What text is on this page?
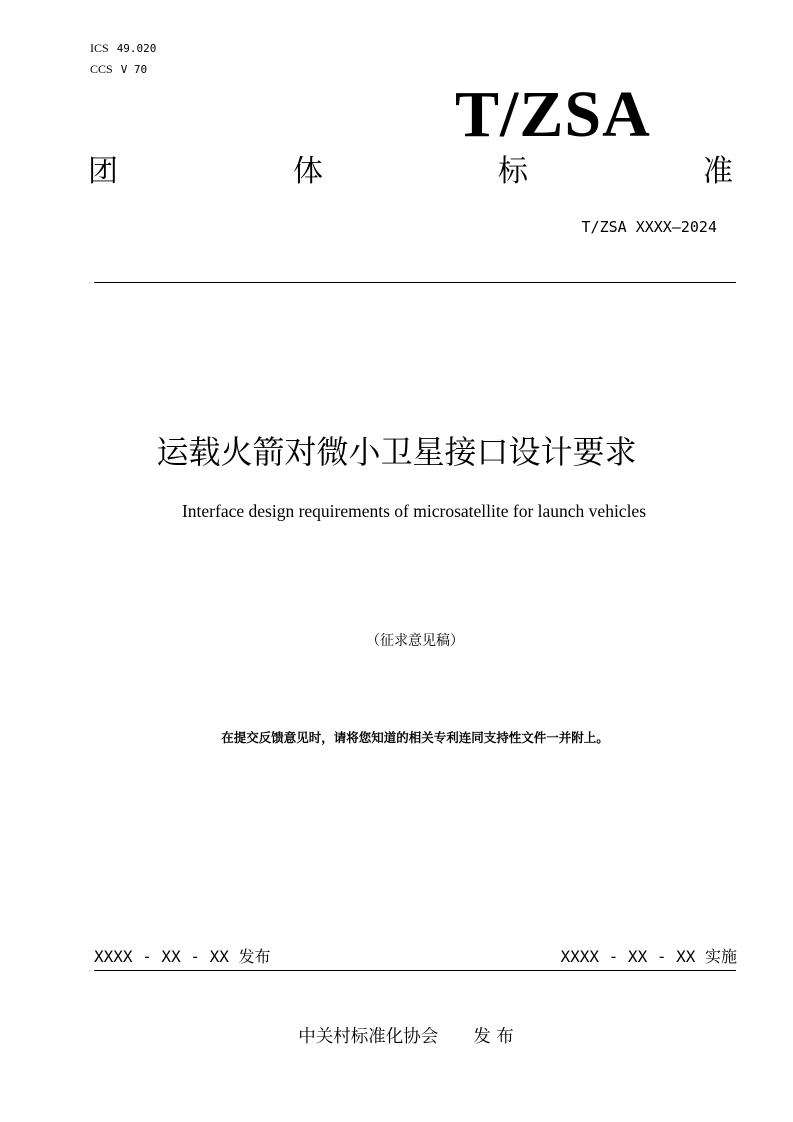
ICS 49.020
CCS V 70
T/ZSA
团	体	标	准
T/ZSA XXXX—2024
运载火箭对微小卫星接口设计要求
Interface design requirements of microsatellite for launch vehicles
（征求意见稿）
在提交反馈意见时，请将您知道的相关专利连同支持性文件一并附上。
XXXX - XX - XX 发布	XXXX - XX - XX 实施
中关村标准化协会　　发 布
